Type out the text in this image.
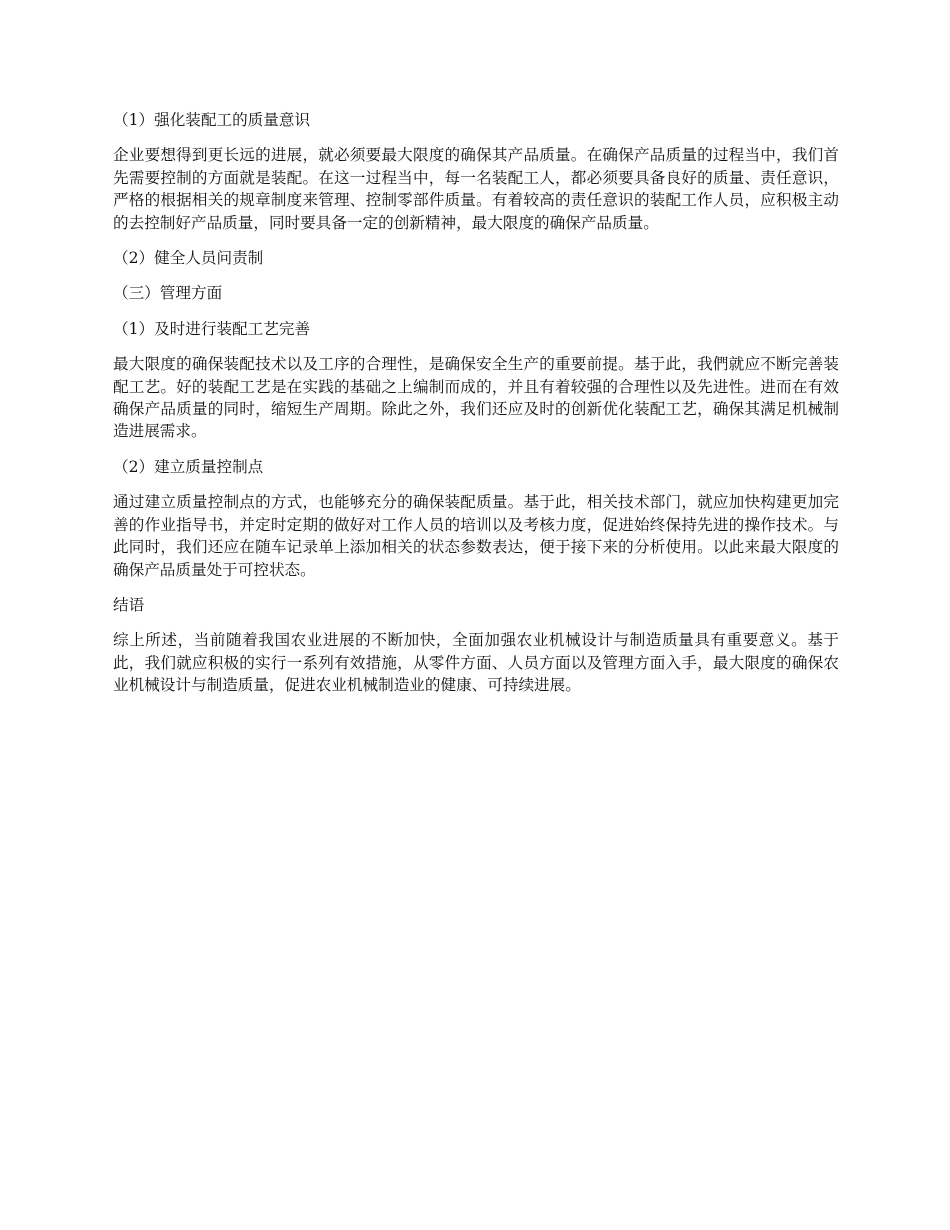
（1）强化装配工的质量意识
企业要想得到更长远的进展，就必须要最大限度的确保其产品质量。在确保产品质量的过程当中，我们首先需要控制的方面就是装配。在这一过程当中，每一名装配工人，都必须要具备良好的质量、责任意识，严格的根据相关的规章制度来管理、控制零部件质量。有着较高的责任意识的装配工作人员，应积极主动的去控制好产品质量，同时要具备一定的创新精神，最大限度的确保产品质量。
（2）健全人员问责制
（三）管理方面
（1）及时进行装配工艺完善
最大限度的确保装配技术以及工序的合理性，是确保安全生产的重要前提。基于此，我們就应不断完善装配工艺。好的装配工艺是在实践的基础之上编制而成的，并且有着较强的合理性以及先进性。进而在有效确保产品质量的同时，缩短生产周期。除此之外，我们还应及时的创新优化装配工艺，确保其满足机械制造进展需求。
（2）建立质量控制点
通过建立质量控制点的方式，也能够充分的确保装配质量。基于此，相关技术部门，就应加快构建更加完善的作业指导书，并定时定期的做好对工作人员的培训以及考核力度，促进始终保持先进的操作技术。与此同时，我们还应在随车记录单上添加相关的状态参数表达，便于接下来的分析使用。以此来最大限度的确保产品质量处于可控状态。
结语
综上所述，当前随着我国农业进展的不断加快，全面加强农业机械设计与制造质量具有重要意义。基于此，我们就应积极的实行一系列有效措施，从零件方面、人员方面以及管理方面入手，最大限度的确保农业机械设计与制造质量，促进农业机械制造业的健康、可持续进展。
